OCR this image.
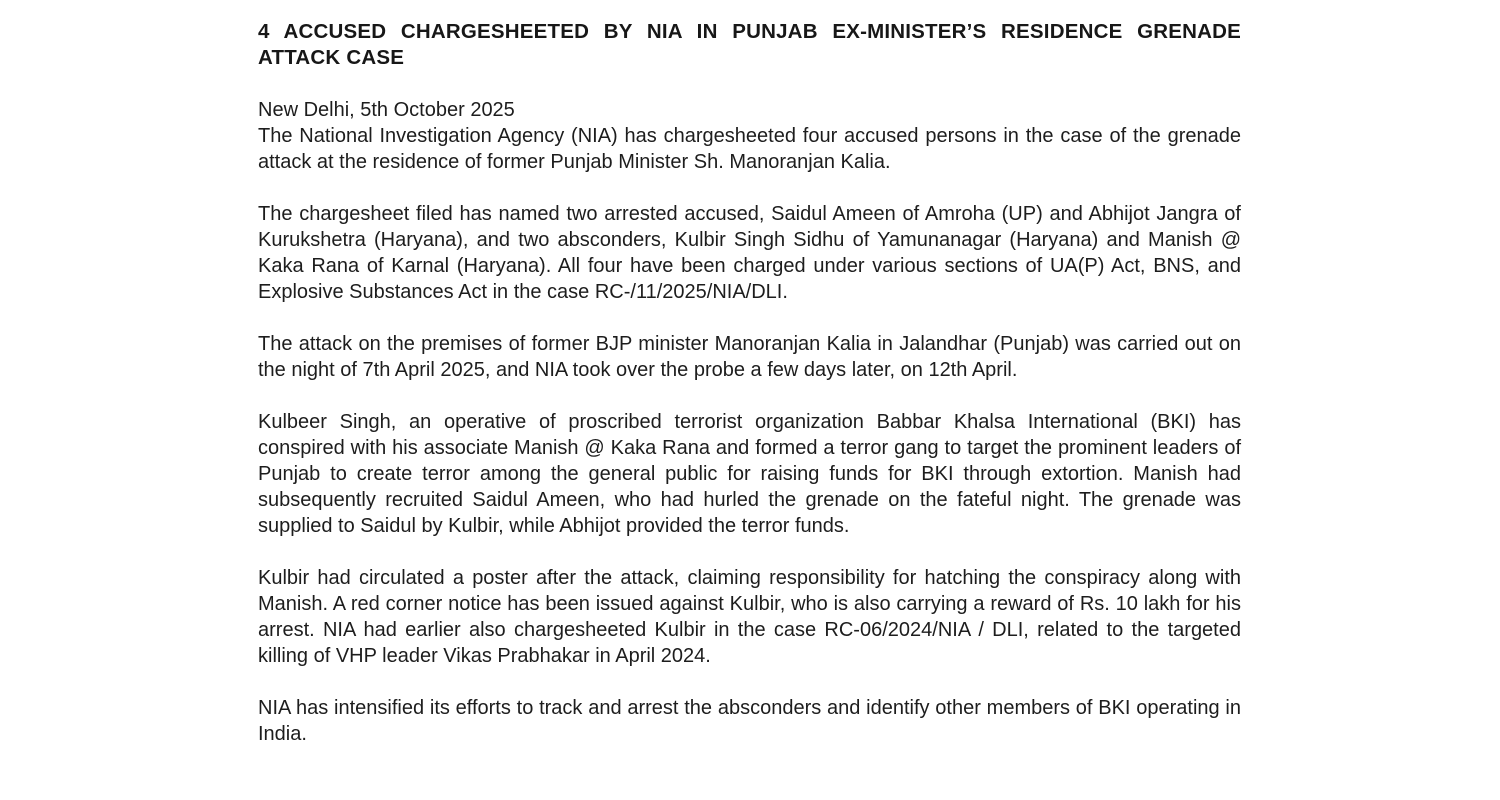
4 ACCUSED CHARGESHEETED BY NIA IN PUNJAB EX-MINISTER’S RESIDENCE GRENADE ATTACK CASE

New Delhi, 5th October 2025

The National Investigation Agency (NIA) has chargesheeted four accused persons in the case of the grenade attack at the residence of former Punjab Minister Sh. Manoranjan Kalia.

The chargesheet filed has named two arrested accused, Saidul Ameen of Amroha (UP) and Abhijot Jangra of Kurukshetra (Haryana), and two absconders, Kulbir Singh Sidhu of Yamunanagar (Haryana) and Manish @ Kaka Rana of Karnal (Haryana). All four have been charged under various sections of UA(P) Act, BNS, and Explosive Substances Act in the case RC-/11/2025/NIA/DLI.

The attack on the premises of former BJP minister Manoranjan Kalia in Jalandhar (Punjab) was carried out on the night of 7th April 2025, and NIA took over the probe a few days later, on 12th April.

Kulbeer Singh, an operative of proscribed terrorist organization Babbar Khalsa International (BKI) has conspired with his associate Manish @ Kaka Rana and formed a terror gang to target the prominent leaders of Punjab to create terror among the general public for raising funds for BKI through extortion. Manish had subsequently recruited Saidul Ameen, who had hurled the grenade on the fateful night. The grenade was supplied to Saidul by Kulbir, while Abhijot provided the terror funds.

Kulbir had circulated a poster after the attack, claiming responsibility for hatching the conspiracy along with Manish. A red corner notice has been issued against Kulbir, who is also carrying a reward of Rs. 10 lakh for his arrest. NIA had earlier also chargesheeted Kulbir in the case RC-06/2024/NIA / DLI, related to the targeted killing of VHP leader Vikas Prabhakar in April 2024.

NIA has intensified its efforts to track and arrest the absconders and identify other members of BKI operating in India.
